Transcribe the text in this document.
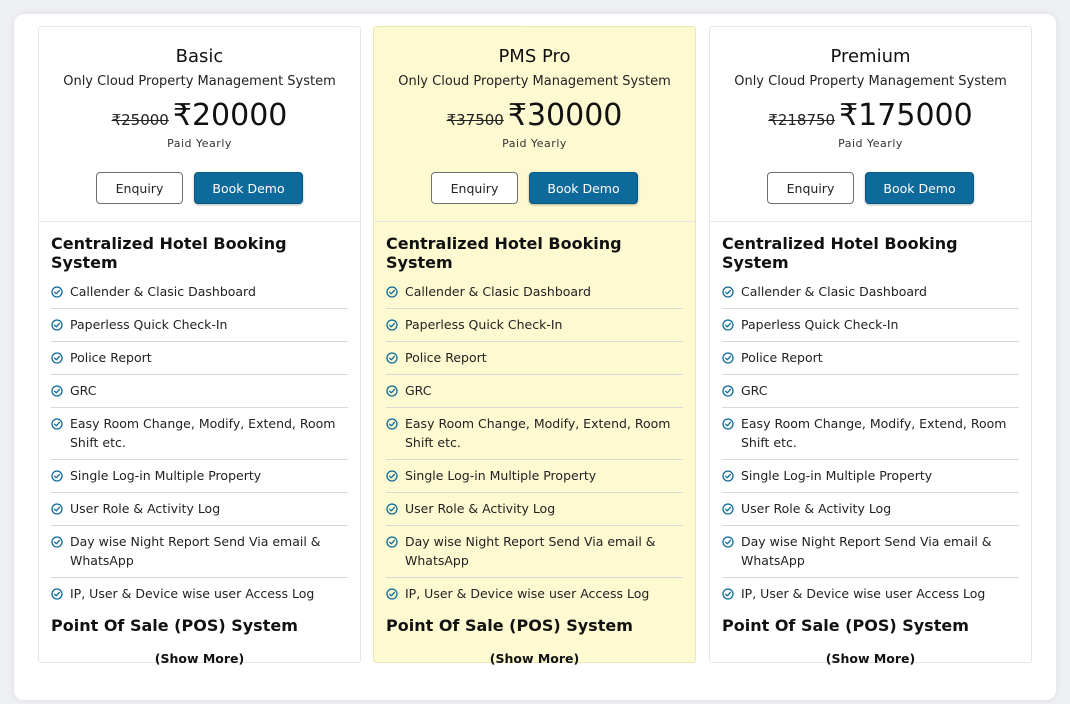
Basic
Only Cloud Property Management System
₹25000 ₹20000
Paid Yearly
Enquiry	Book Demo
Centralized Hotel Booking System
Callender & Clasic Dashboard
Paperless Quick Check-In
Police Report
GRC
Easy Room Change, Modify, Extend, Room Shift etc.
Single Log-in Multiple Property
User Role & Activity Log
Day wise Night Report Send Via email & WhatsApp
IP, User & Device wise user Access Log
Point Of Sale (POS) System
(Show More)
PMS Pro
Only Cloud Property Management System
₹37500 ₹30000
Paid Yearly
Enquiry	Book Demo
Centralized Hotel Booking System
Callender & Clasic Dashboard
Paperless Quick Check-In
Police Report
GRC
Easy Room Change, Modify, Extend, Room Shift etc.
Single Log-in Multiple Property
User Role & Activity Log
Day wise Night Report Send Via email & WhatsApp
IP, User & Device wise user Access Log
Point Of Sale (POS) System
(Show More)
Premium
Only Cloud Property Management System
₹218750 ₹175000
Paid Yearly
Enquiry	Book Demo
Centralized Hotel Booking System
Callender & Clasic Dashboard
Paperless Quick Check-In
Police Report
GRC
Easy Room Change, Modify, Extend, Room Shift etc.
Single Log-in Multiple Property
User Role & Activity Log
Day wise Night Report Send Via email & WhatsApp
IP, User & Device wise user Access Log
Point Of Sale (POS) System
(Show More)
